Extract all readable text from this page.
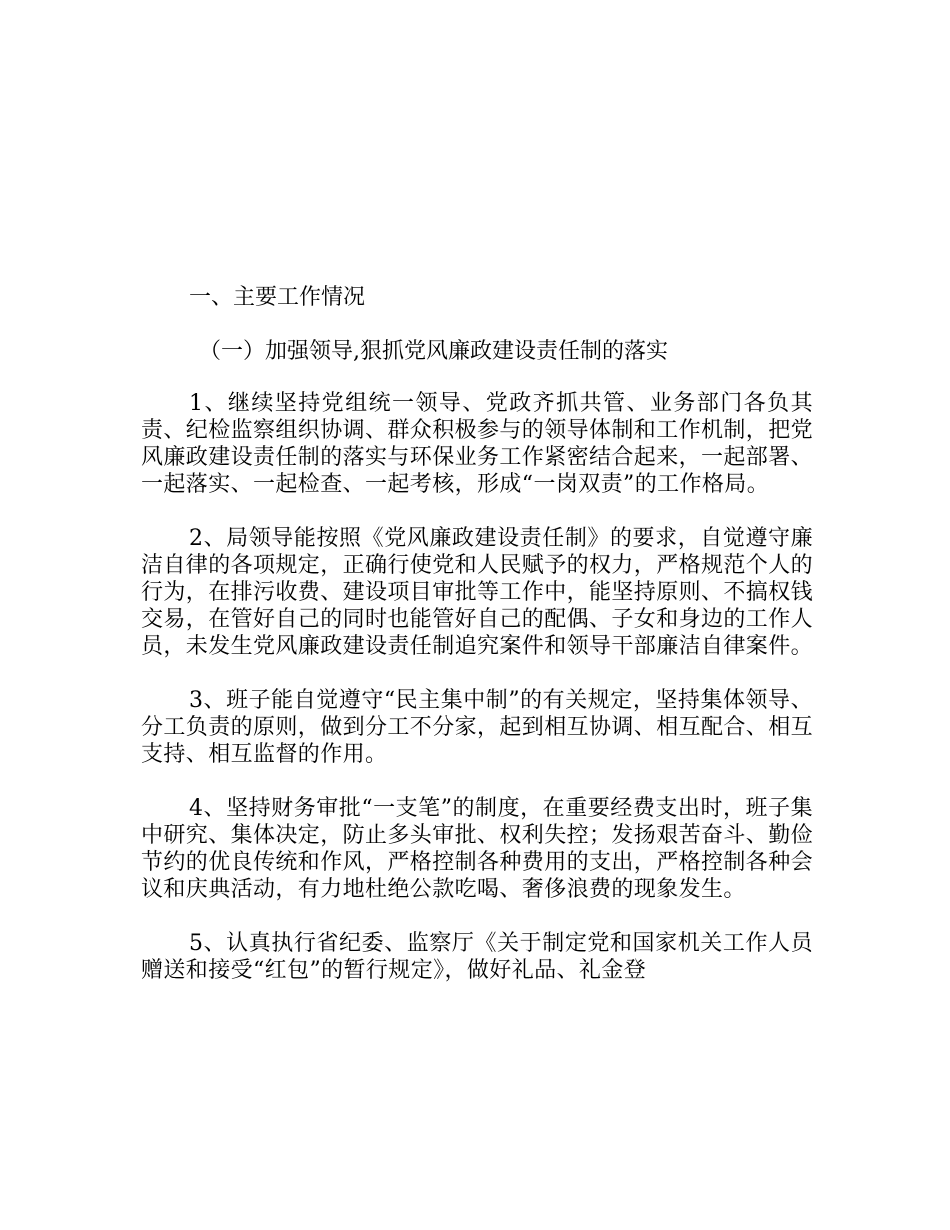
一、主要工作情况
（一）加强领导,狠抓党风廉政建设责任制的落实

1、继续坚持党组统一领导、党政齐抓共管、业务部门各负其责、纪检监察组织协调、群众积极参与的领导体制和工作机制，把党风廉政建设责任制的落实与环保业务工作紧密结合起来，一起部署、一起落实、一起检查、一起考核，形成“一岗双责”的工作格局。

2、局领导能按照《党风廉政建设责任制》的要求，自觉遵守廉洁自律的各项规定，正确行使党和人民赋予的权力，严格规范个人的行为，在排污收费、建设项目审批等工作中，能坚持原则、不搞权钱交易，在管好自己的同时也能管好自己的配偶、子女和身边的工作人员，未发生党风廉政建设责任制追究案件和领导干部廉洁自律案件。

3、班子能自觉遵守“民主集中制”的有关规定，坚持集体领导、分工负责的原则，做到分工不分家，起到相互协调、相互配合、相互支持、相互监督的作用。

4、坚持财务审批“一支笔”的制度，在重要经费支出时，班子集中研究、集体决定，防止多头审批、权利失控；发扬艰苦奋斗、勤俭节约的优良传统和作风，严格控制各种费用的支出，严格控制各种会议和庆典活动，有力地杜绝公款吃喝、奢侈浪费的现象发生。

5、认真执行省纪委、监察厅《关于制定党和国家机关工作人员赠送和接受“红包”的暂行规定》，做好礼品、礼金登
